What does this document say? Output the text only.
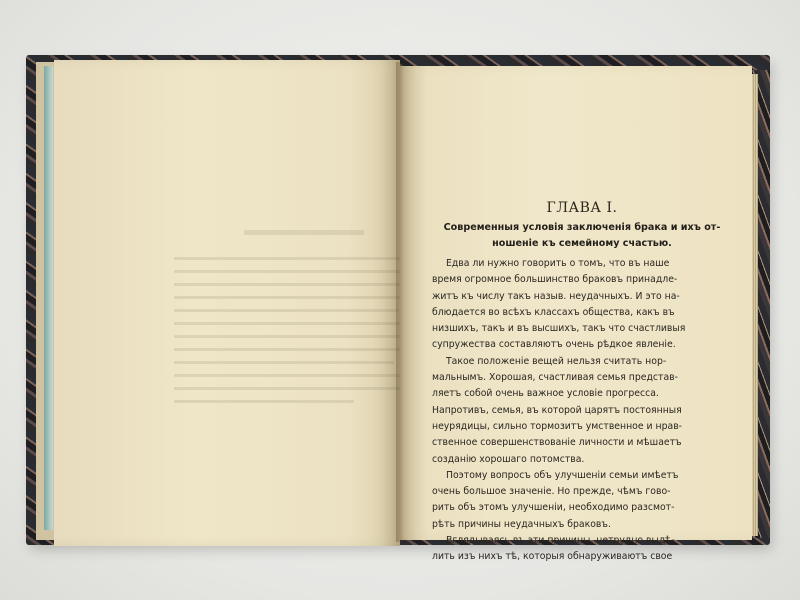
ГЛАВА I.
Современныя условія заключенія брака и ихъ от-
ношеніе къ семейному счастью.
Едва ли нужно говорить о томъ, что въ наше
время огромное большинство браковъ принадле-
житъ къ числу такъ назыв. неудачныхъ. И это на-
блюдается во всѣхъ классахъ общества, какъ въ
низшихъ, такъ и въ высшихъ, такъ что счастливыя
супружества составляютъ очень рѣдкое явленіе.
Такое положеніе вещей нельзя считать нор-
мальнымъ. Хорошая, счастливая семья представ-
ляетъ собой очень важное условіе прогресса.
Напротивъ, семья, въ которой царятъ постоянныя
неурядицы, сильно тормозитъ умственное и нрав-
ственное совершенствованіе личности и мѣшаетъ
созданію хорошаго потомства.
Поэтому вопросъ объ улучшеніи семьи имѣетъ
очень большое значеніе. Но прежде, чѣмъ гово-
рить объ этомъ улучшеніи, необходимо разсмот-
рѣть причины неудачныхъ браковъ.
Вглядываясь въ эти причины, нетрудно выдѣ-
лить изъ нихъ тѣ, которыя обнаруживаютъ свое
